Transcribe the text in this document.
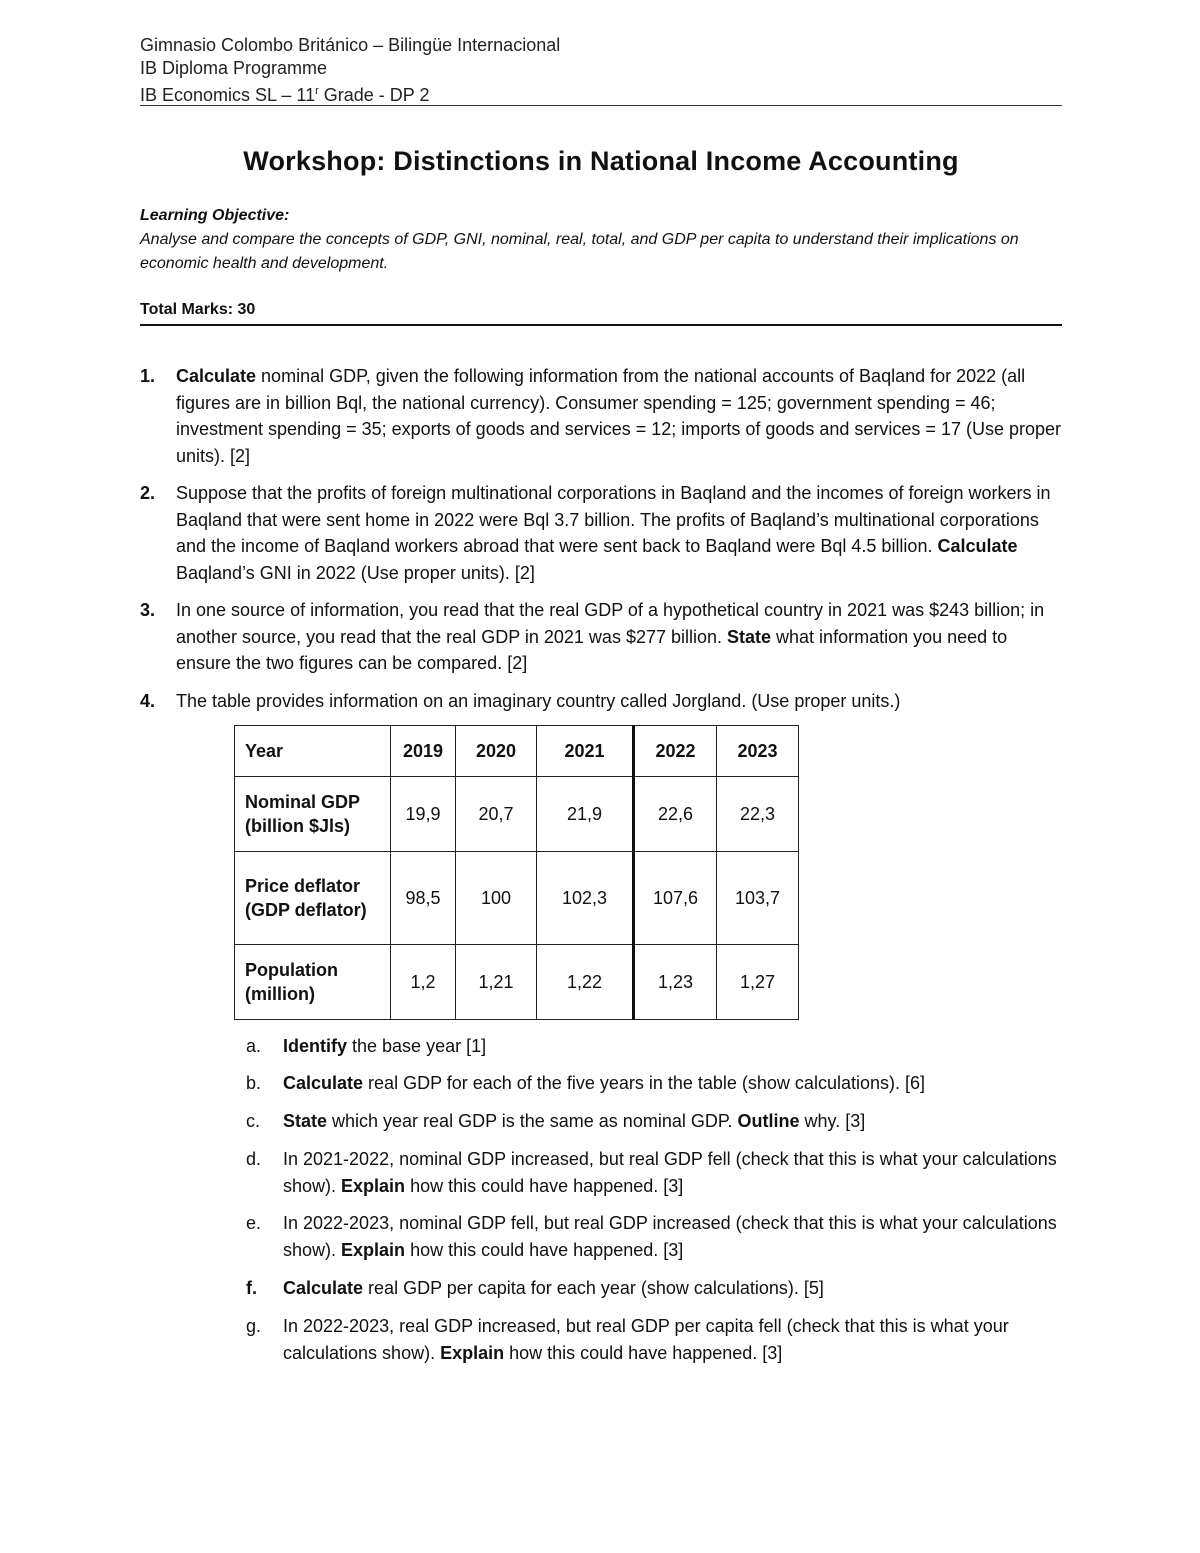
Gimnasio Colombo Británico – Bilingüe Internacional
IB Diploma Programme
IB Economics SL – 11$^r$ Grade - DP 2
Workshop: Distinctions in National Income Accounting
Learning Objective:
Analyse and compare the concepts of GDP, GNI, nominal, real, total, and GDP per capita to understand their implications on economic health and development.
Total Marks: 30
1. Calculate nominal GDP, given the following information from the national accounts of Baqland for 2022 (all figures are in billion Bql, the national currency). Consumer spending = 125; government spending = 46; investment spending = 35; exports of goods and services = 12; imports of goods and services = 17 (Use proper units). [2]
2. Suppose that the profits of foreign multinational corporations in Baqland and the incomes of foreign workers in Baqland that were sent home in 2022 were Bql 3.7 billion. The profits of Baqland’s multinational corporations and the income of Baqland workers abroad that were sent back to Baqland were Bql 4.5 billion. Calculate Baqland’s GNI in 2022 (Use proper units). [2]
3. In one source of information, you read that the real GDP of a hypothetical country in 2021 was $243 billion; in another source, you read that the real GDP in 2021 was $277 billion. State what information you need to ensure the two figures can be compared. [2]
4. The table provides information on an imaginary country called Jorgland. (Use proper units.)
Year	2019	2020	2021	2022	2023

Nominal GDP
(billion $Jls)	19,9	20,7	21,9	22,6	22,3

Price deflator
(GDP deflator)	98,5	100	102,3	107,6	103,7

Population
(million)	1,2	1,21	1,22	1,23	1,27
a. Identify the base year [1]
b. Calculate real GDP for each of the five years in the table (show calculations). [6]
c. State which year real GDP is the same as nominal GDP. Outline why. [3]
d. In 2021-2022, nominal GDP increased, but real GDP fell (check that this is what your calculations show). Explain how this could have happened. [3]
e. In 2022-2023, nominal GDP fell, but real GDP increased (check that this is what your calculations show). Explain how this could have happened. [3]
f. Calculate real GDP per capita for each year (show calculations). [5]
g. In 2022-2023, real GDP increased, but real GDP per capita fell (check that this is what your calculations show). Explain how this could have happened. [3]
